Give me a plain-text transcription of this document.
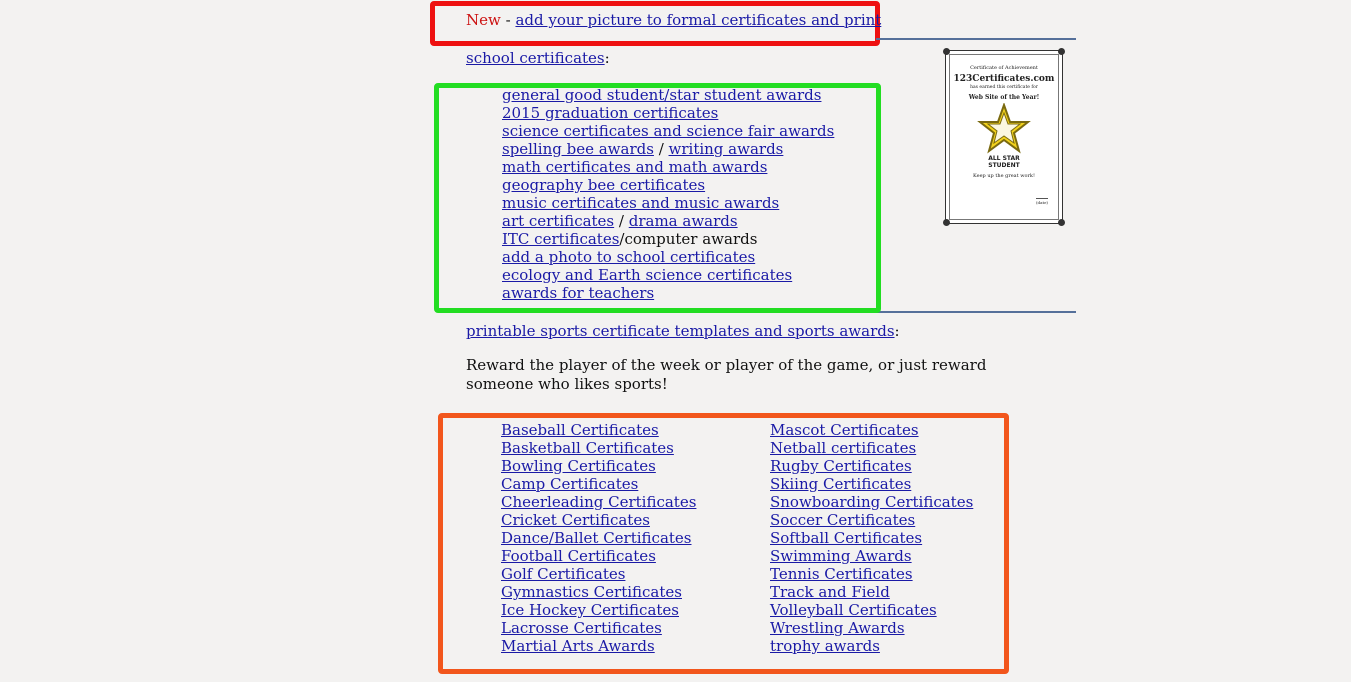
New - add your picture to formal certificates and print
school certificates:
general good student/star student awards
2015 graduation certificates
science certificates and science fair awards
spelling bee awards / writing awards
math certificates and math awards
geography bee certificates
music certificates and music awards
art certificates / drama awards
ITC certificates/computer awards
add a photo to school certificates
ecology and Earth science certificates
awards for teachers
Certificate of Achievement
123Certificates.com
has earned this certificate for
Web Site of the Year!
ALL STAR
STUDENT
Keep up the great work!
(date)
printable sports certificate templates and sports awards:
Reward the player of the week or player of the game, or just reward someone who likes sports!
Baseball Certificates
Basketball Certificates
Bowling Certificates
Camp Certificates
Cheerleading Certificates
Cricket Certificates
Dance/Ballet Certificates
Football Certificates
Golf Certificates
Gymnastics Certificates
Ice Hockey Certificates
Lacrosse Certificates
Martial Arts Awards
Mascot Certificates
Netball certificates
Rugby Certificates
Skiing Certificates
Snowboarding Certificates
Soccer Certificates
Softball Certificates
Swimming Awards
Tennis Certificates
Track and Field
Volleyball Certificates
Wrestling Awards
trophy awards
